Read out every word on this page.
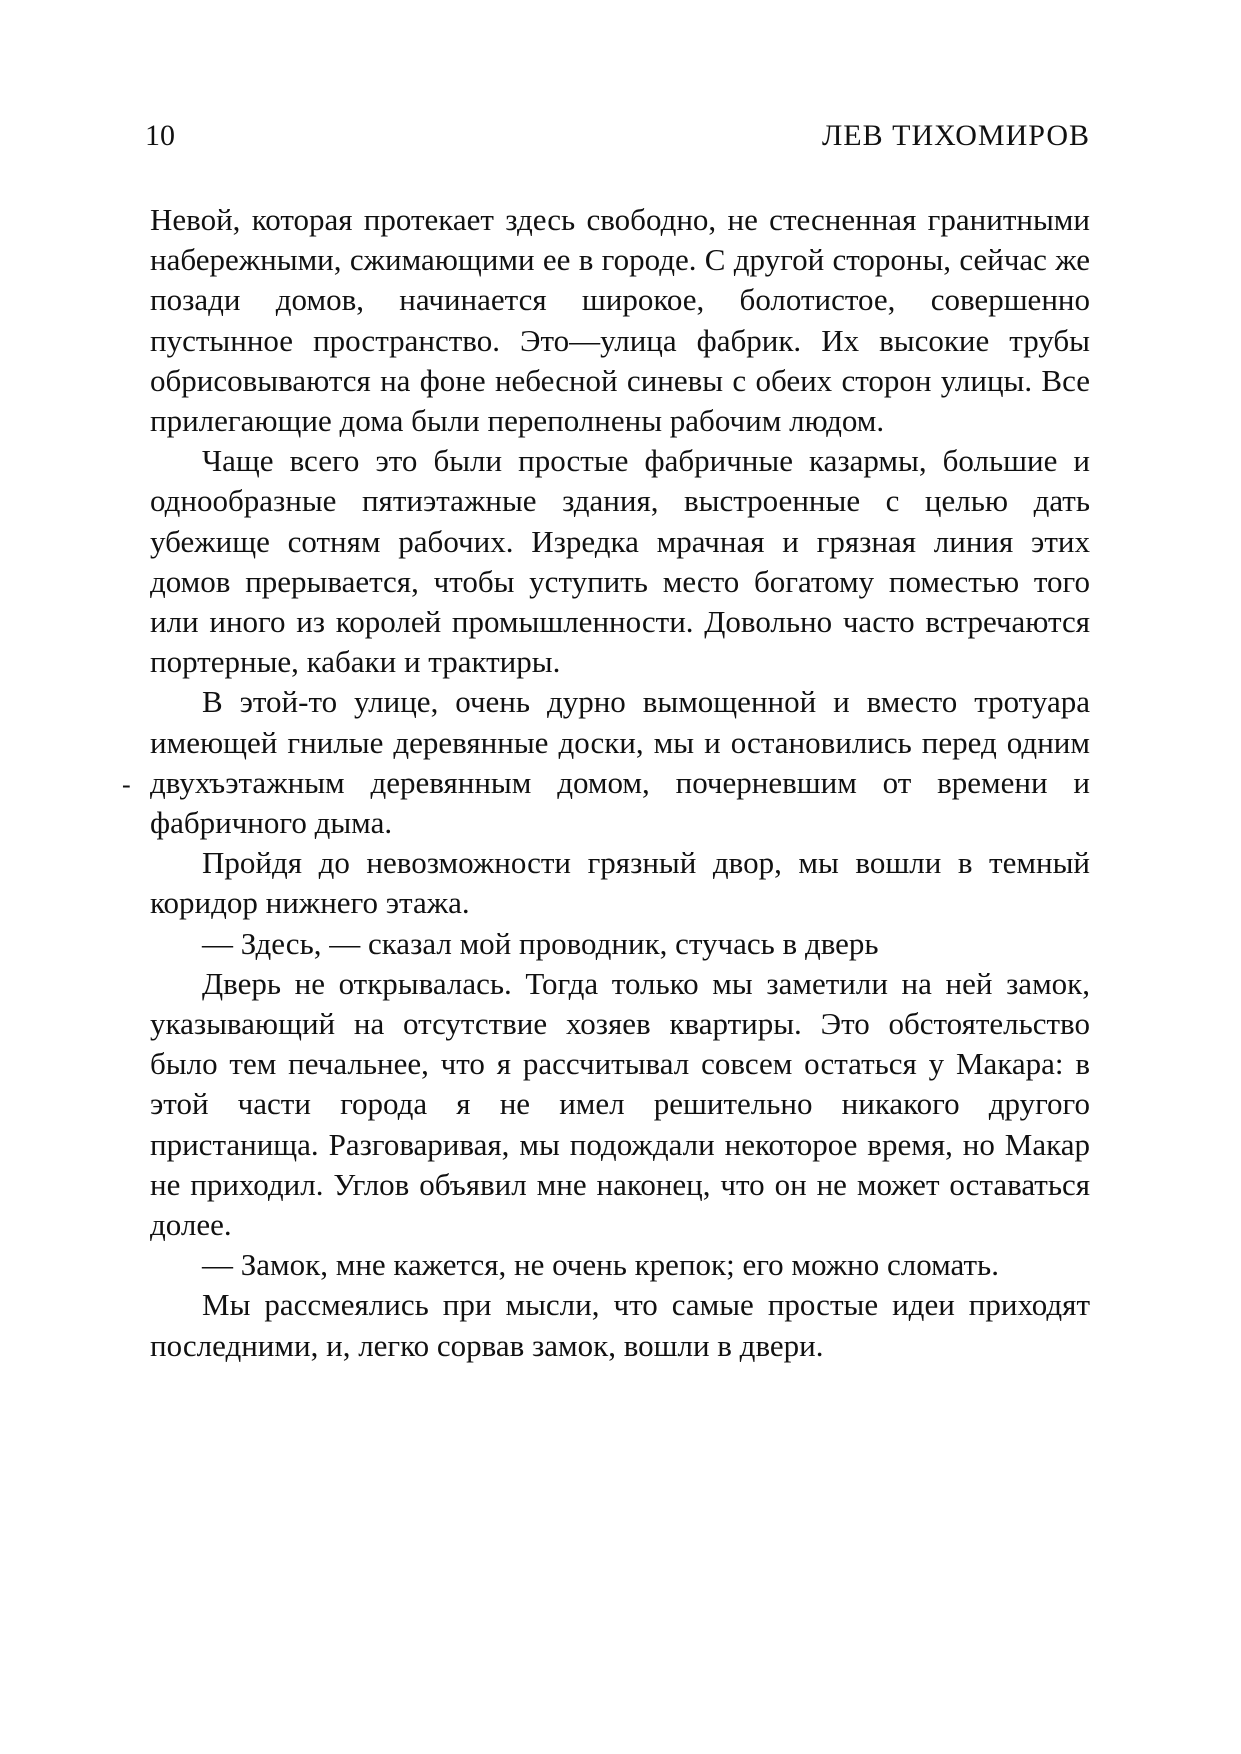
10	ЛЕВ ТИХОМИРОВ
-

Невой, которая протекает здесь свободно, не стесненная гранитными набережными, сжимающими ее в городе. С другой стороны, сейчас же позади домов, начинается широкое, болотистое, совершенно пустынное пространство. Это—улица фабрик. Их высокие трубы обрисовываются на фоне небесной синевы с обеих сторон улицы. Все прилегающие дома были переполнены рабочим людом.

Чаще всего это были простые фабричные казармы, большие и однообразные пятиэтажные здания, выстроенные с целью дать убежище сотням рабочих. Изредка мрачная и грязная линия этих домов прерывается, чтобы уступить место богатому поместью того или иного из королей промышленности. Довольно часто встречаются портерные, кабаки и трактиры.

В этой-то улице, очень дурно вымощенной и вместо тротуара имеющей гнилые деревянные доски, мы и остановились перед одним двухъэтажным деревянным домом, почерневшим от времени и фабричного дыма.

Пройдя до невозможности грязный двор, мы вошли в темный коридор нижнего этажа.

— Здесь, — сказал мой проводник, стучась в дверь

Дверь не открывалась. Тогда только мы заметили на ней замок, указывающий на отсутствие хозяев квартиры. Это обстоятельство было тем печальнее, что я рассчитывал совсем остаться у Макара: в этой части города я не имел решительно никакого другого пристанища. Разговаривая, мы подождали некоторое время, но Макар не приходил. Углов объявил мне наконец, что он не может оставаться долее.

— Замок, мне кажется, не очень крепок; его можно сломать.

Мы рассмеялись при мысли, что самые простые идеи приходят последними, и, легко сорвав замок, вошли в двери.
